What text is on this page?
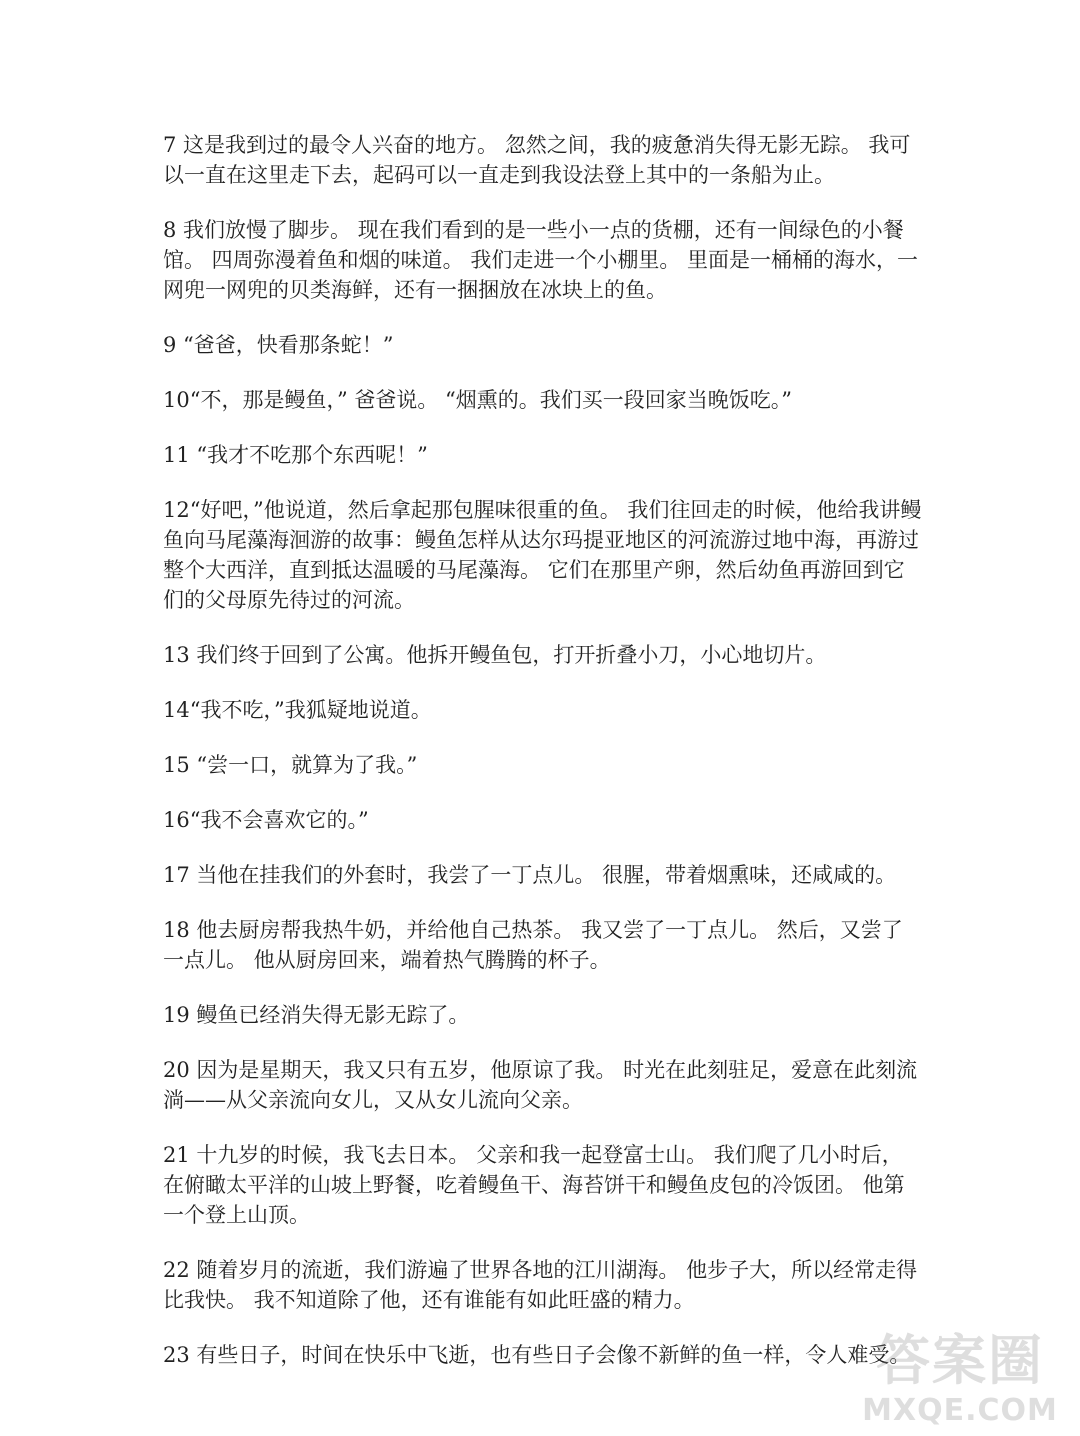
7 这是我到过的最令人兴奋的地方。 忽然之间，我的疲惫消失得无影无踪。 我可以一直在这里走下去，起码可以一直走到我设法登上其中的一条船为止。

8 我们放慢了脚步。 现在我们看到的是一些小一点的货棚，还有一间绿色的小餐馆。 四周弥漫着鱼和烟的味道。 我们走进一个小棚里。 里面是一桶桶的海水，一网兜一网兜的贝类海鲜，还有一捆捆放在冰块上的鱼。

9 “爸爸，快看那条蛇！”

10“不，那是鳗鱼，” 爸爸说。 “烟熏的。我们买一段回家当晚饭吃。”

11 “我才不吃那个东西呢！”

12“好吧，”他说道，然后拿起那包腥味很重的鱼。 我们往回走的时候，他给我讲鳗鱼向马尾藻海洄游的故事：鳗鱼怎样从达尔玛提亚地区的河流游过地中海，再游过整个大西洋，直到抵达温暖的马尾藻海。 它们在那里产卵，然后幼鱼再游回到它们的父母原先待过的河流。

13 我们终于回到了公寓。他拆开鳗鱼包，打开折叠小刀，小心地切片。

14“我不吃，”我狐疑地说道。

15 “尝一口，就算为了我。”

16“我不会喜欢它的。”

17 当他在挂我们的外套时，我尝了一丁点儿。 很腥，带着烟熏味，还咸咸的。

18 他去厨房帮我热牛奶，并给他自己热茶。 我又尝了一丁点儿。 然后，又尝了一点儿。 他从厨房回来，端着热气腾腾的杯子。

19 鳗鱼已经消失得无影无踪了。

20 因为是星期天，我又只有五岁，他原谅了我。 时光在此刻驻足，爱意在此刻流淌——从父亲流向女儿，又从女儿流向父亲。

21 十九岁的时候，我飞去日本。 父亲和我一起登富士山。 我们爬了几小时后，在俯瞰太平洋的山坡上野餐，吃着鳗鱼干、海苔饼干和鳗鱼皮包的冷饭团。 他第一个登上山顶。

22 随着岁月的流逝，我们游遍了世界各地的江川湖海。 他步子大，所以经常走得比我快。 我不知道除了他，还有谁能有如此旺盛的精力。

23 有些日子，时间在快乐中飞逝，也有些日子会像不新鲜的鱼一样，令人难受。

答案圈
MXQE.COM
